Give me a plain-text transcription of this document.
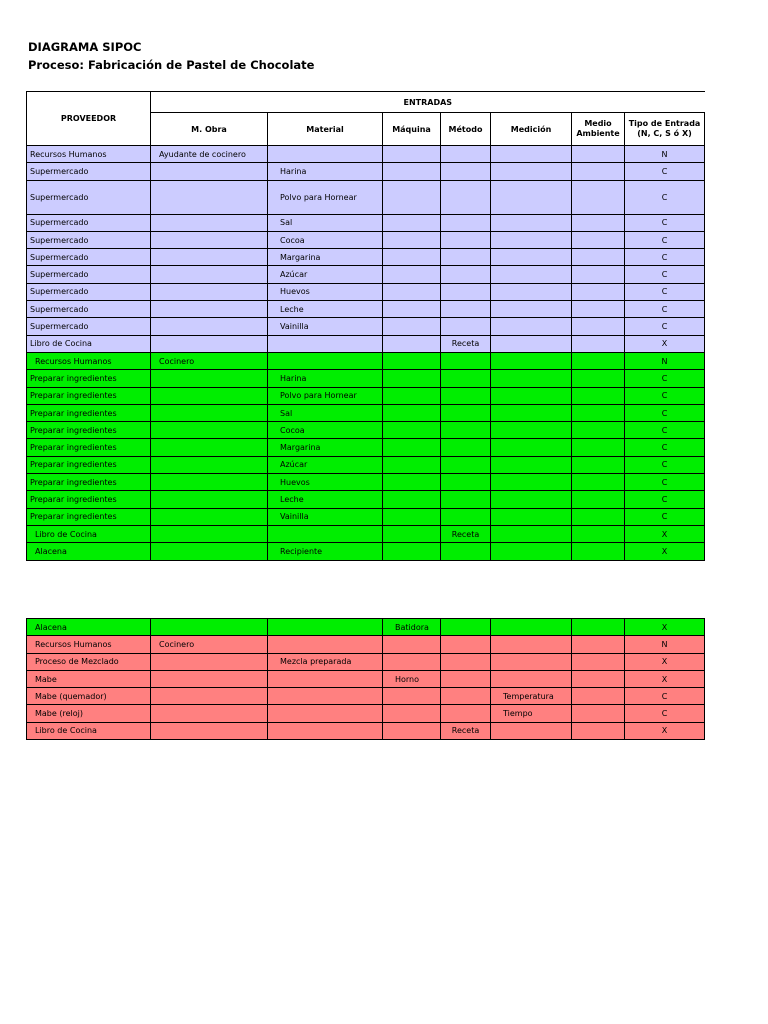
DIAGRAMA SIPOC
Proceso: Fabricación de Pastel de Chocolate
PROVEEDOR	ENTRADAS						
	M. Obra	Material	Máquina	Método	Medición	Medio Ambiente	Tipo de Entrada (N, C, S ó X)
Recursos Humanos	Ayudante de cocinero						N
Supermercado		Harina					C
Supermercado		Polvo para Hornear					C
Supermercado		Sal					C
Supermercado		Cocoa					C
Supermercado		Margarina					C
Supermercado		Azúcar					C
Supermercado		Huevos					C
Supermercado		Leche					C
Supermercado		Vainilla					C
Libro de Cocina				Receta			X
Recursos Humanos	Cocinero						N
Preparar ingredientes		Harina					C
Preparar ingredientes		Polvo para Hornear					C
Preparar ingredientes		Sal					C
Preparar ingredientes		Cocoa					C
Preparar ingredientes		Margarina					C
Preparar ingredientes		Azúcar					C
Preparar ingredientes		Huevos					C
Preparar ingredientes		Leche					C
Preparar ingredientes		Vainilla					C
Libro de Cocina				Receta			X
Alacena		Recipiente					X
Alacena			Batidora				X
Recursos Humanos	Cocinero						N
Proceso de Mezclado		Mezcla preparada					X
Mabe			Horno				X
Mabe (quemador)					Temperatura		C
Mabe (reloj)					Tiempo		C
Libro de Cocina				Receta			X
